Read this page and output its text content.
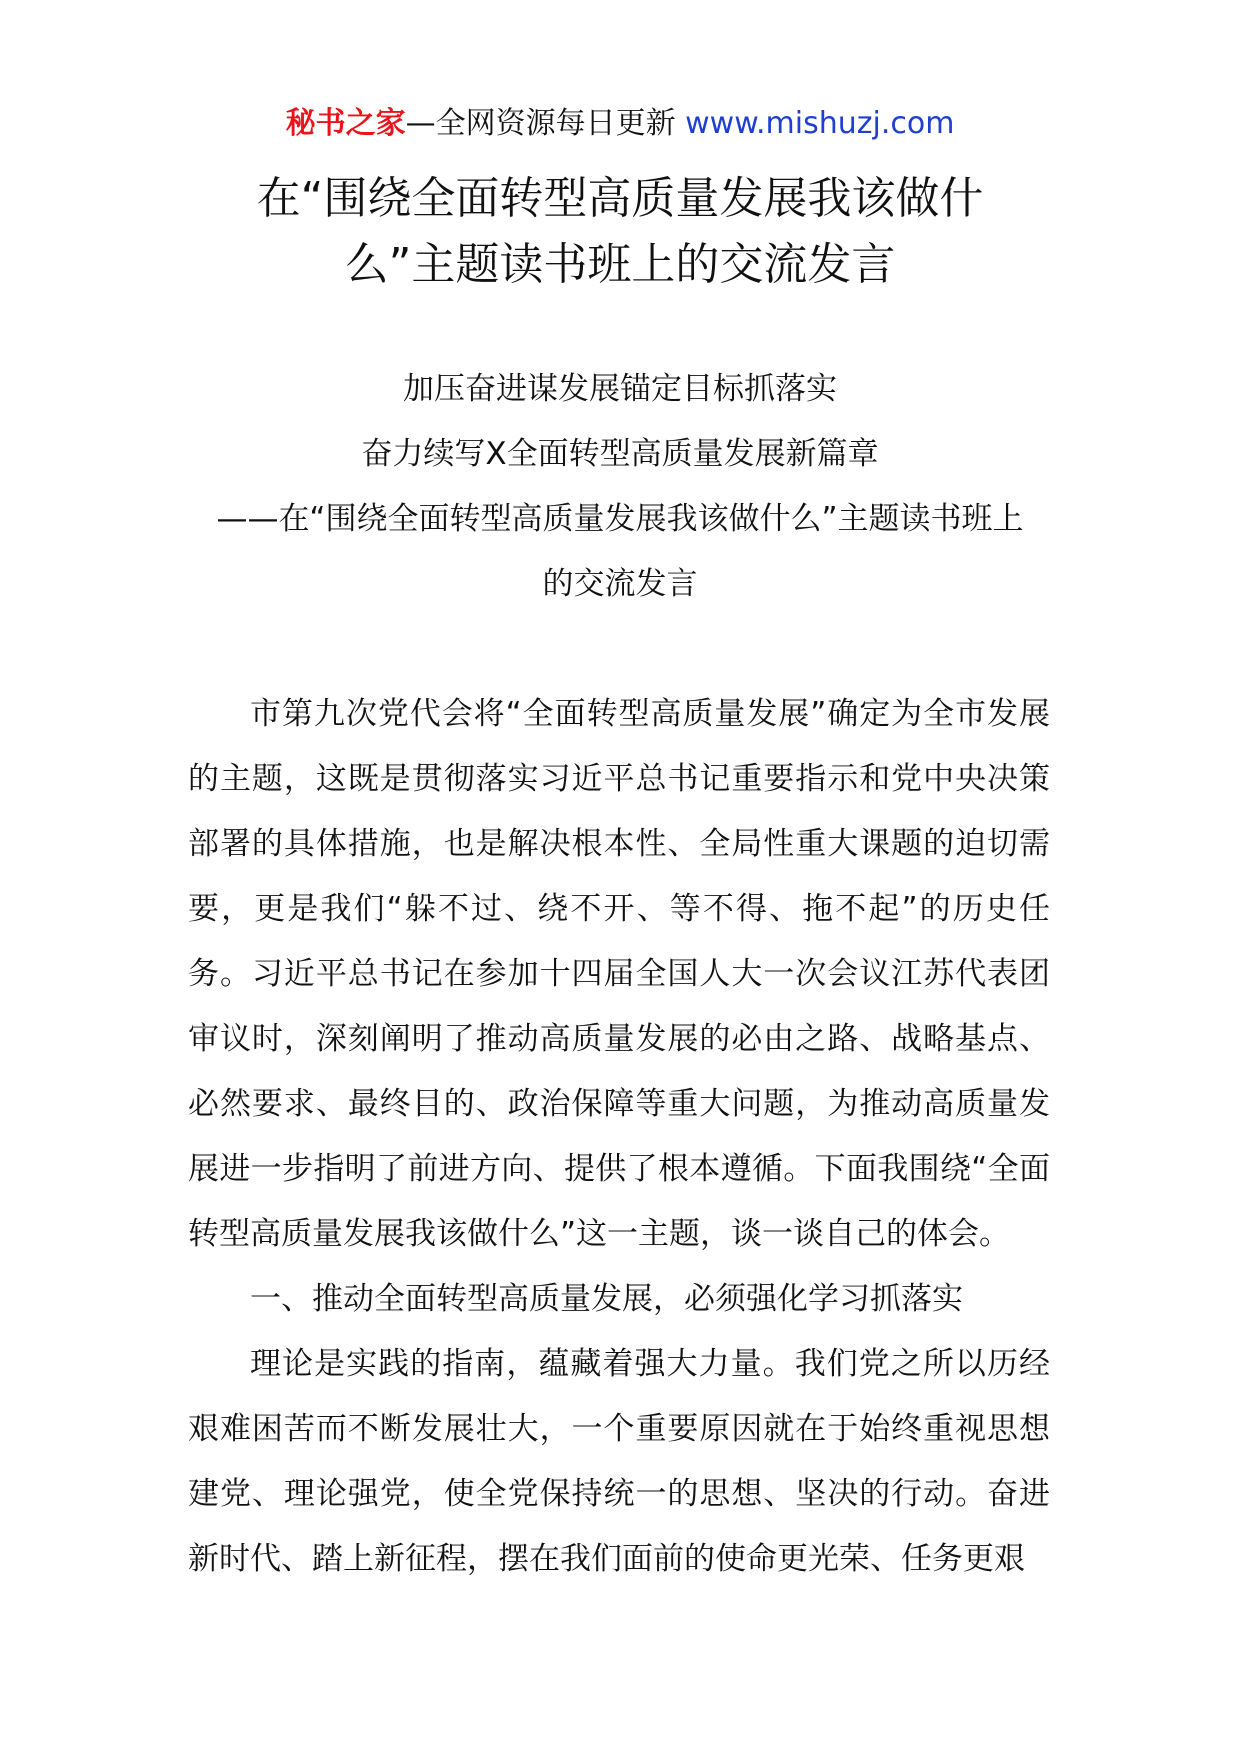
秘书之家—全网资源每日更新 www.mishuzj.com
在“围绕全面转型高质量发展我该做什
么”主题读书班上的交流发言
加压奋进谋发展锚定目标抓落实
奋力续写X全面转型高质量发展新篇章
——在“围绕全面转型高质量发展我该做什么”主题读书班上
的交流发言

市第九次党代会将“全面转型高质量发展”确定为全市发展的主题，这既是贯彻落实习近平总书记重要指示和党中央决策部署的具体措施，也是解决根本性、全局性重大课题的迫切需要，更是我们“躲不过、绕不开、等不得、拖不起”的历史任务。习近平总书记在参加十四届全国人大一次会议江苏代表团审议时，深刻阐明了推动高质量发展的必由之路、战略基点、必然要求、最终目的、政治保障等重大问题，为推动高质量发展进一步指明了前进方向、提供了根本遵循。下面我围绕“全面转型高质量发展我该做什么”这一主题，谈一谈自己的体会。

一、推动全面转型高质量发展，必须强化学习抓落实

理论是实践的指南，蕴藏着强大力量。我们党之所以历经艰难困苦而不断发展壮大，一个重要原因就在于始终重视思想建党、理论强党，使全党保持统一的思想、坚决的行动。奋进新时代、踏上新征程，摆在我们面前的使命更光荣、任务更艰
